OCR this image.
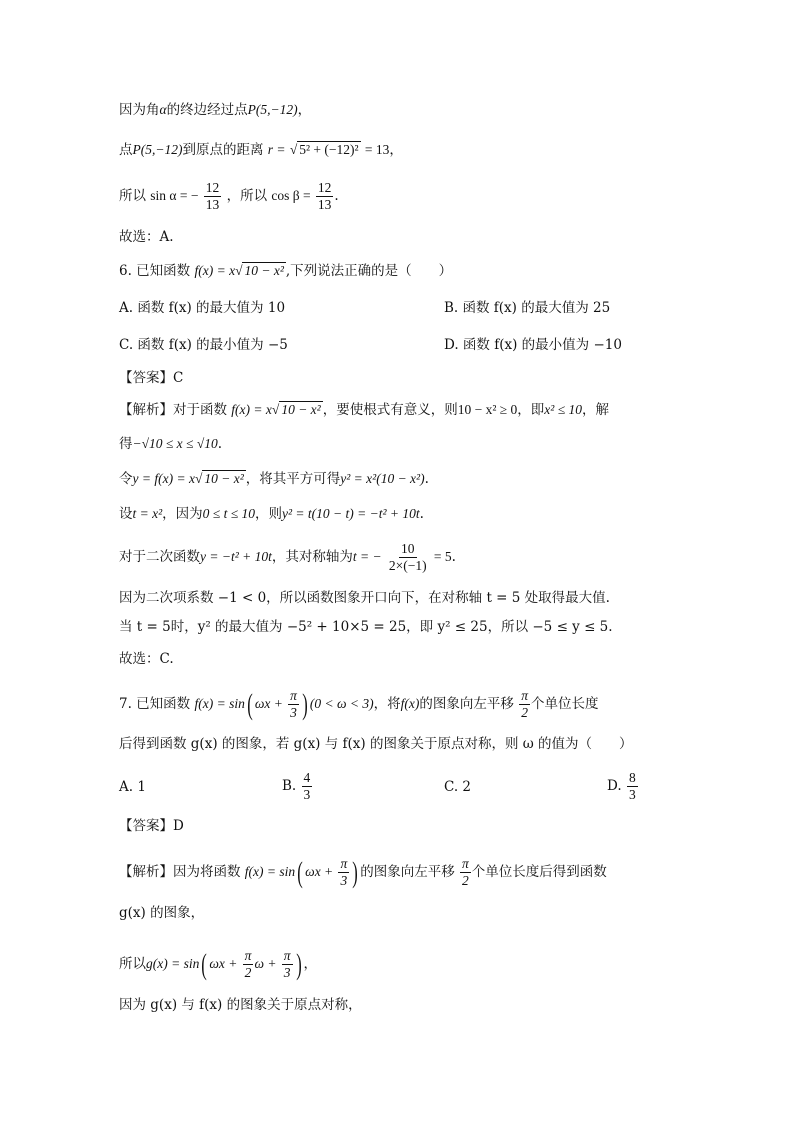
因为角α的终边经过点P(5,−12)，
点P(5,−12)到原点的距离 r = √ 5² + (−12)² = 13，
所以 sin α = − $\frac{12}{13}$ ，所以 $\cos \beta = \frac{12}{13}$ .
故选：A.
6. 已知函数 f(x) = x√ 10 − x² ,下列说法正确的是（　　）
A. 函数 f(x) 的最大值为 10	B. 函数 f(x) 的最大值为 25
C. 函数 f(x) 的最小值为 −5	D. 函数 f(x) 的最小值为 −10
【答案】C
【解析】对于函数 f(x) = x√ 10 − x² ，要使根式有意义，则10 − x² ≥ 0，即x² ≤ 10，解
得−√10 ≤ x ≤ √10.
令y = f(x) = x√ 10 − x² ，将其平方可得y² = x²(10 − x²).
设t = x²，因为0 ≤ t ≤ 10，则y² = t(10 − t) = −t² + 10t.
对于二次函数y = −t² + 10t，其对称轴为t = − $\frac{10}{2\times(-1)} = 5$.
因为二次项系数 −1 < 0，所以函数图象开口向下，在对称轴 t = 5 处取得最大值.
当 t = 5时，y² 的最大值为 −5² + 10×5 = 25，即 y² ≤ 25，所以 −5 ≤ y ≤ 5.
故选：C.
7. 已知函数 f(x) = sin( $\omega x + \frac{\pi}{3}$ ) (0 < ω < 3)，将f(x)的图象向左平移 $\frac{\pi}{2}$ 个单位长度
后得到函数 g(x) 的图象，若 g(x) 与 f(x) 的图象关于原点对称，则 ω 的值为（　　）
A. 1	B. $\frac{4}{3}$	C. 2	D. $\frac{8}{3}$
【答案】D
【解析】因为将函数 f(x) = sin( $\omega x + \frac{\pi}{3}$ ) 的图象向左平移 $\frac{\pi}{2}$ 个单位长度后得到函数
g(x) 的图象，
所以g(x) = sin( $\omega x + \frac{\pi}{2}$ $\omega + \frac{\pi}{3}$ ) ，
因为 g(x) 与 f(x) 的图象关于原点对称，
